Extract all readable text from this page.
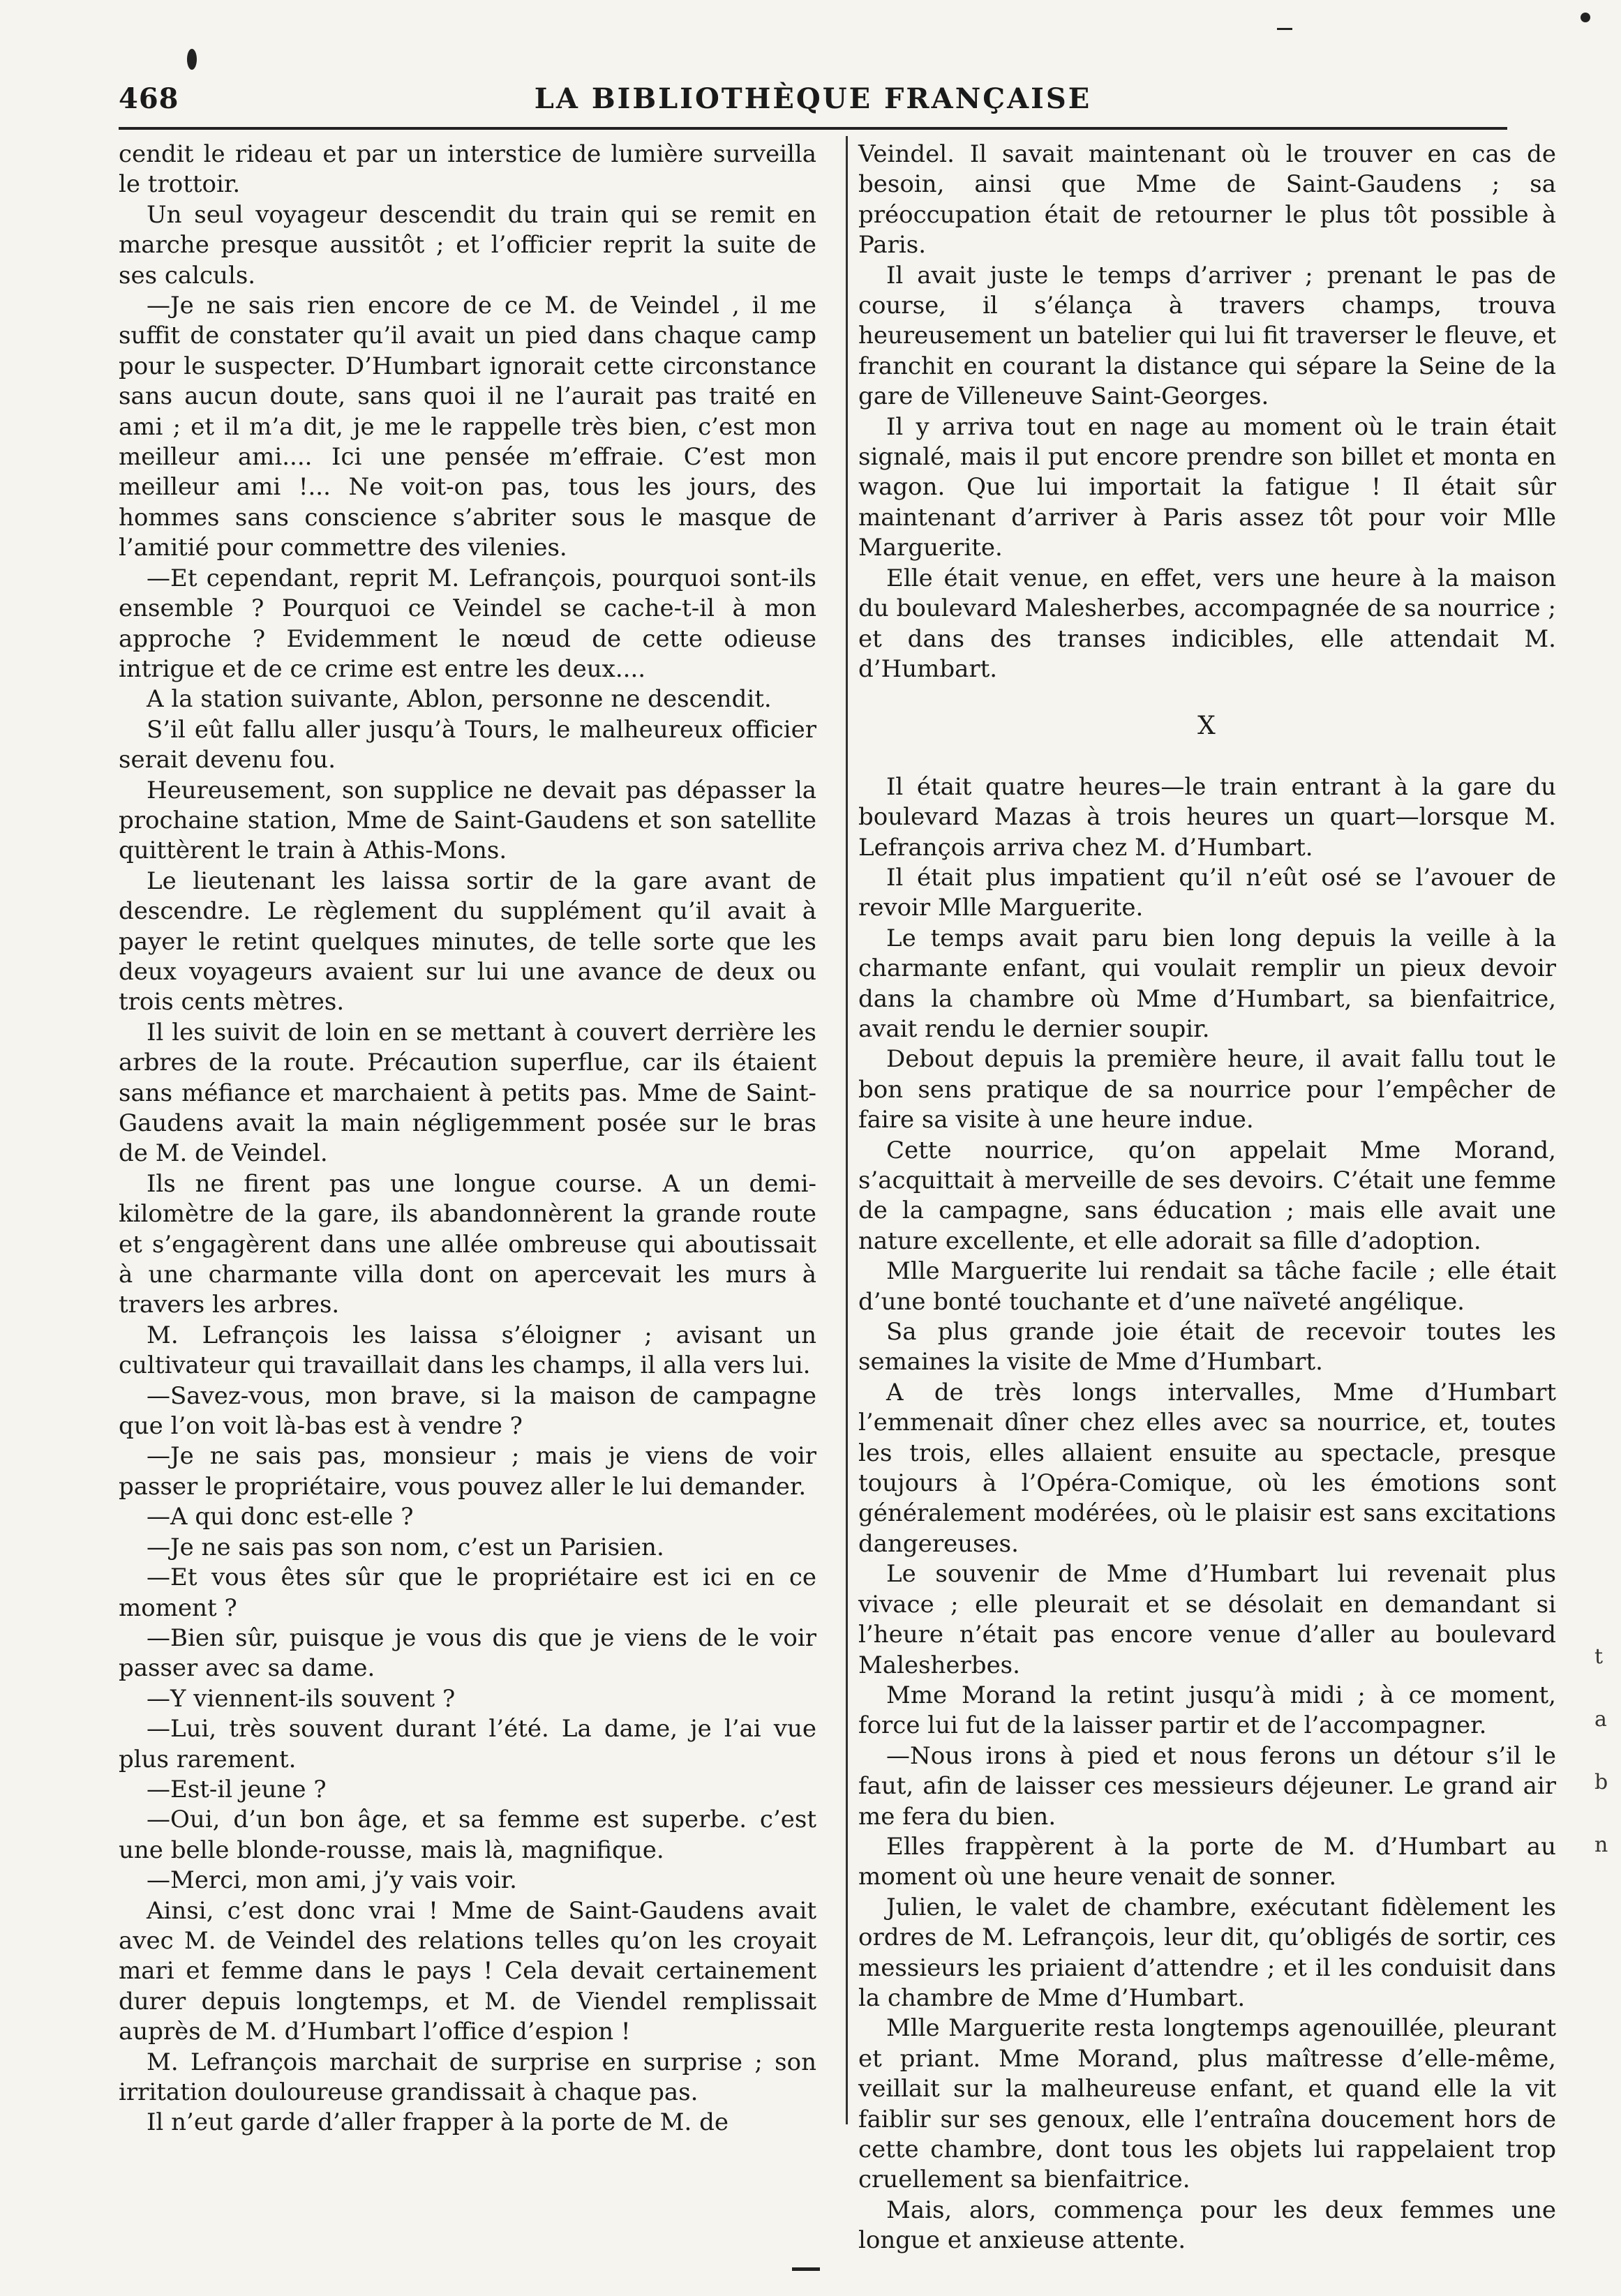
468	LA BIBLIOTHÈQUE FRANÇAISE

cendit le rideau et par un interstice de lumière surveilla le trottoir.

Un seul voyageur descendit du train qui se remit en marche presque aussitôt ; et l’officier reprit la suite de ses calculs.

—Je ne sais rien encore de ce M. de Veindel , il me suffit de constater qu’il avait un pied dans chaque camp pour le suspecter. D’Humbart ignorait cette circonstance sans aucun doute, sans quoi il ne l’aurait pas traité en ami ; et il m’a dit, je me le rappelle très bien, c’est mon meilleur ami.... Ici une pensée m’effraie. C’est mon meilleur ami !... Ne voit-on pas, tous les jours, des hommes sans conscience s’abriter sous le masque de l’amitié pour commettre des vilenies.

—Et cependant, reprit M. Lefrançois, pourquoi sont-ils ensemble ? Pourquoi ce Veindel se cache-t-il à mon approche ? Evidemment le nœud de cette odieuse intrigue et de ce crime est entre les deux....

A la station suivante, Ablon, personne ne descendit.

S’il eût fallu aller jusqu’à Tours, le malheureux officier serait devenu fou.

Heureusement, son supplice ne devait pas dépasser la prochaine station, Mme de Saint-Gaudens et son satellite quittèrent le train à Athis-Mons.

Le lieutenant les laissa sortir de la gare avant de descendre. Le règlement du supplément qu’il avait à payer le retint quelques minutes, de telle sorte que les deux voyageurs avaient sur lui une avance de deux ou trois cents mètres.

Il les suivit de loin en se mettant à couvert derrière les arbres de la route. Précaution superflue, car ils étaient sans méfiance et marchaient à petits pas. Mme de Saint-Gaudens avait la main négligemment posée sur le bras de M. de Veindel.

Ils ne firent pas une longue course. A un demi-kilomètre de la gare, ils abandonnèrent la grande route et s’engagèrent dans une allée ombreuse qui aboutissait à une charmante villa dont on apercevait les murs à travers les arbres.

M. Lefrançois les laissa s’éloigner ; avisant un cultivateur qui travaillait dans les champs, il alla vers lui.

—Savez-vous, mon brave, si la maison de campagne que l’on voit là-bas est à vendre ?

—Je ne sais pas, monsieur ; mais je viens de voir passer le propriétaire, vous pouvez aller le lui demander.

—A qui donc est-elle ?

—Je ne sais pas son nom, c’est un Parisien.

—Et vous êtes sûr que le propriétaire est ici en ce moment ?

—Bien sûr, puisque je vous dis que je viens de le voir passer avec sa dame.

—Y viennent-ils souvent ?

—Lui, très souvent durant l’été. La dame, je l’ai vue plus rarement.

—Est-il jeune ?

—Oui, d’un bon âge, et sa femme est superbe. c’est une belle blonde-rousse, mais là, magnifique.

—Merci, mon ami, j’y vais voir.

Ainsi, c’est donc vrai ! Mme de Saint-Gaudens avait avec M. de Veindel des relations telles qu’on les croyait mari et femme dans le pays ! Cela devait certainement durer depuis longtemps, et M. de Viendel remplissait auprès de M. d’Humbart l’office d’espion !

M. Lefrançois marchait de surprise en surprise ; son irritation douloureuse grandissait à chaque pas.

Il n’eut garde d’aller frapper à la porte de M. de

Veindel. Il savait maintenant où le trouver en cas de besoin, ainsi que Mme de Saint-Gaudens ; sa préoccupation était de retourner le plus tôt possible à Paris.

Il avait juste le temps d’arriver ; prenant le pas de course, il s’élança à travers champs, trouva heureusement un batelier qui lui fit traverser le fleuve, et franchit en courant la distance qui sépare la Seine de la gare de Villeneuve Saint-Georges.

Il y arriva tout en nage au moment où le train était signalé, mais il put encore prendre son billet et monta en wagon. Que lui importait la fatigue ! Il était sûr maintenant d’arriver à Paris assez tôt pour voir Mlle Marguerite.

Elle était venue, en effet, vers une heure à la maison du boulevard Malesherbes, accompagnée de sa nourrice ; et dans des transes indicibles, elle attendait M. d’Humbart.

X

Il était quatre heures—le train entrant à la gare du boulevard Mazas à trois heures un quart—lorsque M. Lefrançois arriva chez M. d’Humbart.

Il était plus impatient qu’il n’eût osé se l’avouer de revoir Mlle Marguerite.

Le temps avait paru bien long depuis la veille à la charmante enfant, qui voulait remplir un pieux devoir dans la chambre où Mme d’Humbart, sa bienfaitrice, avait rendu le dernier soupir.

Debout depuis la première heure, il avait fallu tout le bon sens pratique de sa nourrice pour l’empêcher de faire sa visite à une heure indue.

Cette nourrice, qu’on appelait Mme Morand, s’acquittait à merveille de ses devoirs. C’était une femme de la campagne, sans éducation ; mais elle avait une nature excellente, et elle adorait sa fille d’adoption.

Mlle Marguerite lui rendait sa tâche facile ; elle était d’une bonté touchante et d’une naïveté angélique.

Sa plus grande joie était de recevoir toutes les semaines la visite de Mme d’Humbart.

A de très longs intervalles, Mme d’Humbart l’emmenait dîner chez elles avec sa nourrice, et, toutes les trois, elles allaient ensuite au spectacle, presque toujours à l’Opéra-Comique, où les émotions sont généralement modérées, où le plaisir est sans excitations dangereuses.

Le souvenir de Mme d’Humbart lui revenait plus vivace ; elle pleurait et se désolait en demandant si l’heure n’était pas encore venue d’aller au boulevard Malesherbes.

Mme Morand la retint jusqu’à midi ; à ce moment, force lui fut de la laisser partir et de l’accompagner.

—Nous irons à pied et nous ferons un détour s’il le faut, afin de laisser ces messieurs déjeuner. Le grand air me fera du bien.

Elles frappèrent à la porte de M. d’Humbart au moment où une heure venait de sonner.

Julien, le valet de chambre, exécutant fidèlement les ordres de M. Lefrançois, leur dit, qu’obligés de sortir, ces messieurs les priaient d’attendre ; et il les conduisit dans la chambre de Mme d’Humbart.

Mlle Marguerite resta longtemps agenouillée, pleurant et priant. Mme Morand, plus maîtresse d’elle-même, veillait sur la malheureuse enfant, et quand elle la vit faiblir sur ses genoux, elle l’entraîna doucement hors de cette chambre, dont tous les objets lui rappelaient trop cruellement sa bienfaitrice.

Mais, alors, commença pour les deux femmes une longue et anxieuse attente.

t
a
b
n
